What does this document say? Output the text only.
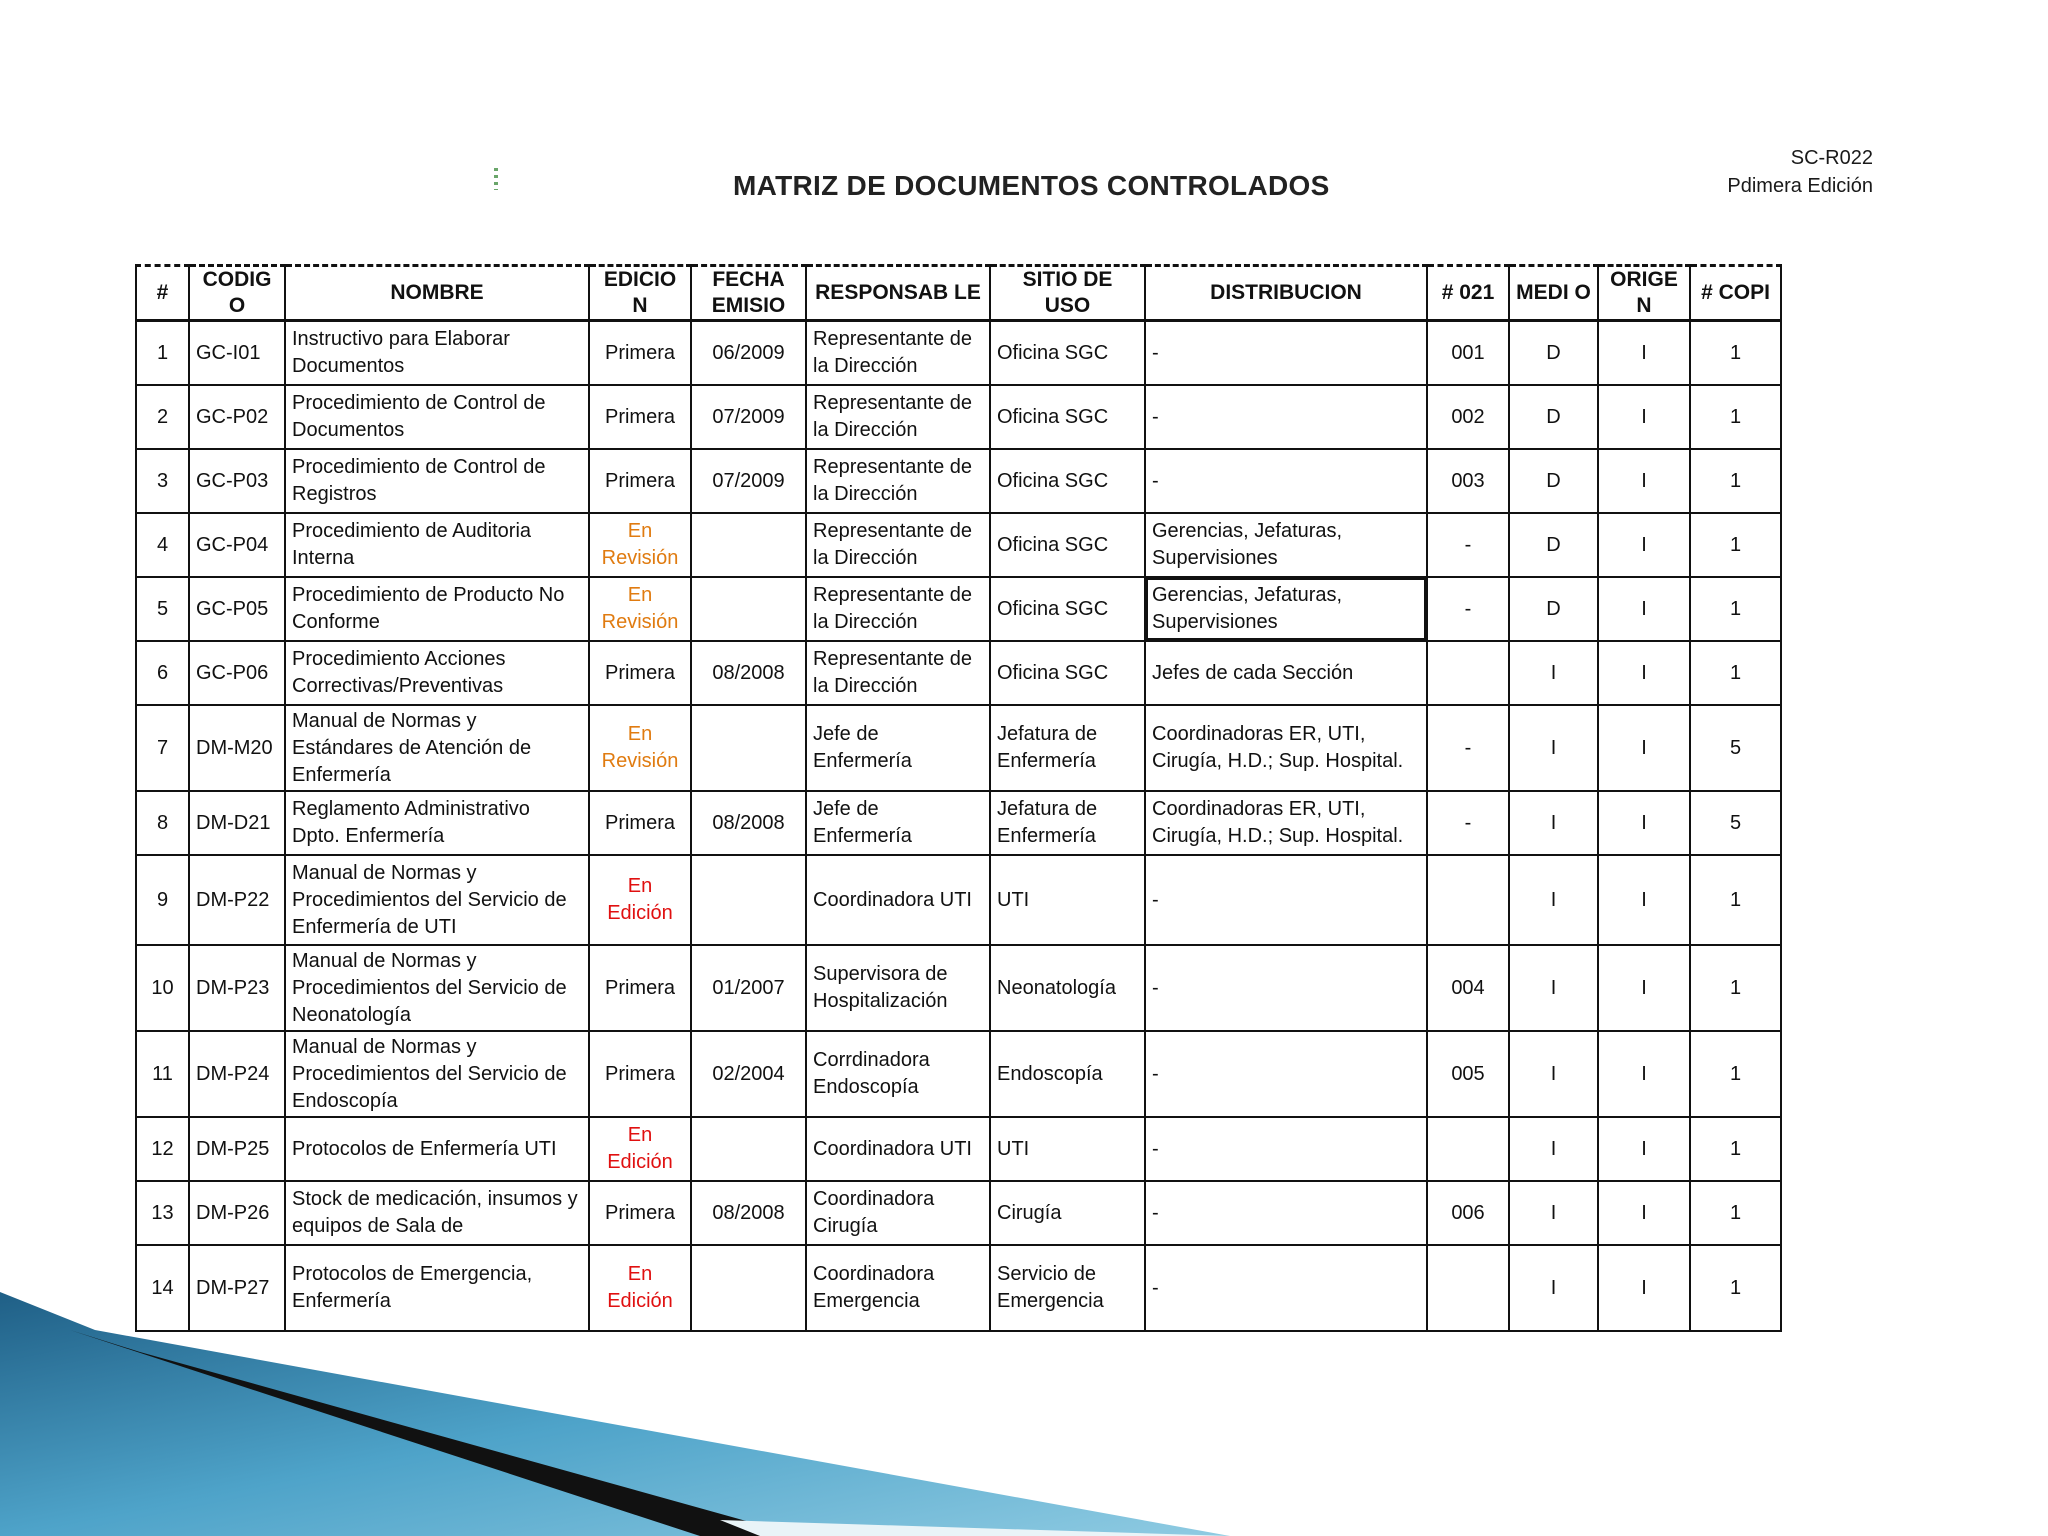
SC-R022
Pdimera Edición
MATRIZ DE DOCUMENTOS CONTROLADOS
#	CODIG O	NOMBRE	EDICIO N	FECHA EMISIO	RESPONSAB LE	SITIO DE USO	DISTRIBUCION	# 021	MEDI O	ORIGE N	# COPI
1	GC-I01	Instructivo para Elaborar Documentos	Primera	06/2009	Representante de la Dirección	Oficina SGC	-	001	D	I	1
2	GC-P02	Procedimiento de Control de Documentos	Primera	07/2009	Representante de la Dirección	Oficina SGC	-	002	D	I	1
3	GC-P03	Procedimiento de Control de Registros	Primera	07/2009	Representante de la Dirección	Oficina SGC	-	003	D	I	1
4	GC-P04	Procedimiento de Auditoria Interna	En Revisión		Representante de la Dirección	Oficina SGC	Gerencias, Jefaturas, Supervisiones	-	D	I	1
5	GC-P05	Procedimiento de Producto No Conforme	En Revisión		Representante de la Dirección	Oficina SGC	Gerencias, Jefaturas, Supervisiones	-	D	I	1
6	GC-P06	Procedimiento Acciones Correctivas/Preventivas	Primera	08/2008	Representante de la Dirección	Oficina SGC	Jefes de cada Sección		I	I	1
7	DM-M20	Manual de Normas y Estándares de Atención de Enfermería	En Revisión		Jefe de Enfermería	Jefatura de Enfermería	Coordinadoras ER, UTI, Cirugía, H.D.; Sup. Hospital.	-	I	I	5
8	DM-D21	Reglamento Administrativo Dpto. Enfermería	Primera	08/2008	Jefe de Enfermería	Jefatura de Enfermería	Coordinadoras ER, UTI, Cirugía, H.D.; Sup. Hospital.	-	I	I	5
9	DM-P22	Manual de Normas y Procedimientos del Servicio de Enfermería de UTI	En Edición		Coordinadora UTI	UTI	-		I	I	1
10	DM-P23	Manual de Normas y Procedimientos del Servicio de Neonatología	Primera	01/2007	Supervisora de Hospitalización	Neonatología	-	004	I	I	1
11	DM-P24	Manual de Normas y Procedimientos del Servicio de Endoscopía	Primera	02/2004	Corrdinadora Endoscopía	Endoscopía	-	005	I	I	1
12	DM-P25	Protocolos de Enfermería UTI	En Edición		Coordinadora UTI	UTI	-		I	I	1
13	DM-P26	Stock de medicación, insumos y equipos de Sala de	Primera	08/2008	Coordinadora Cirugía	Cirugía	-	006	I	I	1
14	DM-P27	Protocolos de Emergencia, Enfermería	En Edición		Coordinadora Emergencia	Servicio de Emergencia	-		I	I	1
